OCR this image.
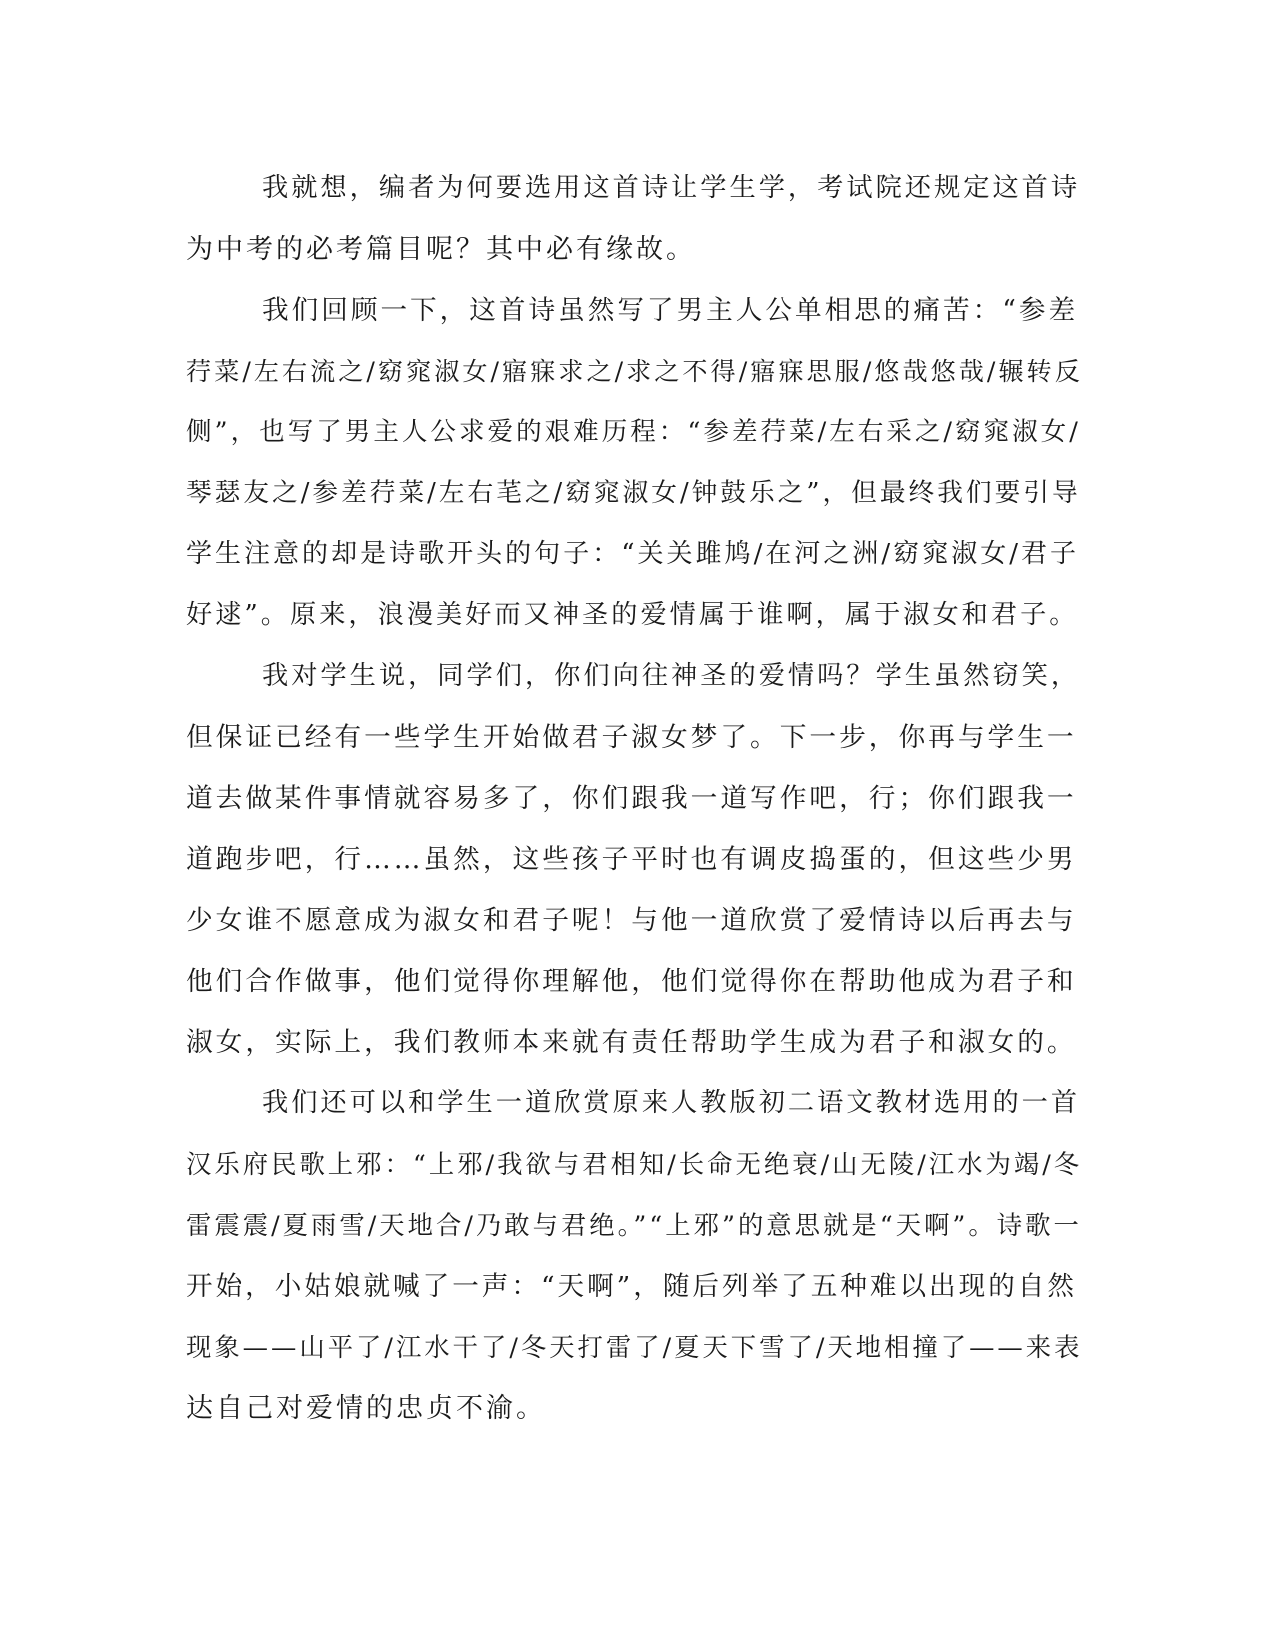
我就想，编者为何要选用这首诗让学生学，考试院还规定这首诗
为中考的必考篇目呢？其中必有缘故。
我们回顾一下，这首诗虽然写了男主人公单相思的痛苦：“参差
荇菜/左右流之/窈窕淑女/寤寐求之/求之不得/寤寐思服/悠哉悠哉/辗转反
侧”，也写了男主人公求爱的艰难历程：“参差荇菜/左右采之/窈窕淑女/
琴瑟友之/参差荇菜/左右芼之/窈窕淑女/钟鼓乐之”，但最终我们要引导
学生注意的却是诗歌开头的句子：“关关雎鸠/在河之洲/窈窕淑女/君子
好逑”。原来，浪漫美好而又神圣的爱情属于谁啊，属于淑女和君子。
我对学生说，同学们，你们向往神圣的爱情吗？学生虽然窃笑，
但保证已经有一些学生开始做君子淑女梦了。下一步，你再与学生一
道去做某件事情就容易多了，你们跟我一道写作吧，行；你们跟我一
道跑步吧，行……虽然，这些孩子平时也有调皮捣蛋的，但这些少男
少女谁不愿意成为淑女和君子呢！与他一道欣赏了爱情诗以后再去与
他们合作做事，他们觉得你理解他，他们觉得你在帮助他成为君子和
淑女，实际上，我们教师本来就有责任帮助学生成为君子和淑女的。
我们还可以和学生一道欣赏原来人教版初二语文教材选用的一首
汉乐府民歌上邪：“上邪/我欲与君相知/长命无绝衰/山无陵/江水为竭/冬
雷震震/夏雨雪/天地合/乃敢与君绝。”“上邪”的意思就是“天啊”。诗歌一
开始，小姑娘就喊了一声：“天啊”，随后列举了五种难以出现的自然
现象——山平了/江水干了/冬天打雷了/夏天下雪了/天地相撞了——来表
达自己对爱情的忠贞不渝。
